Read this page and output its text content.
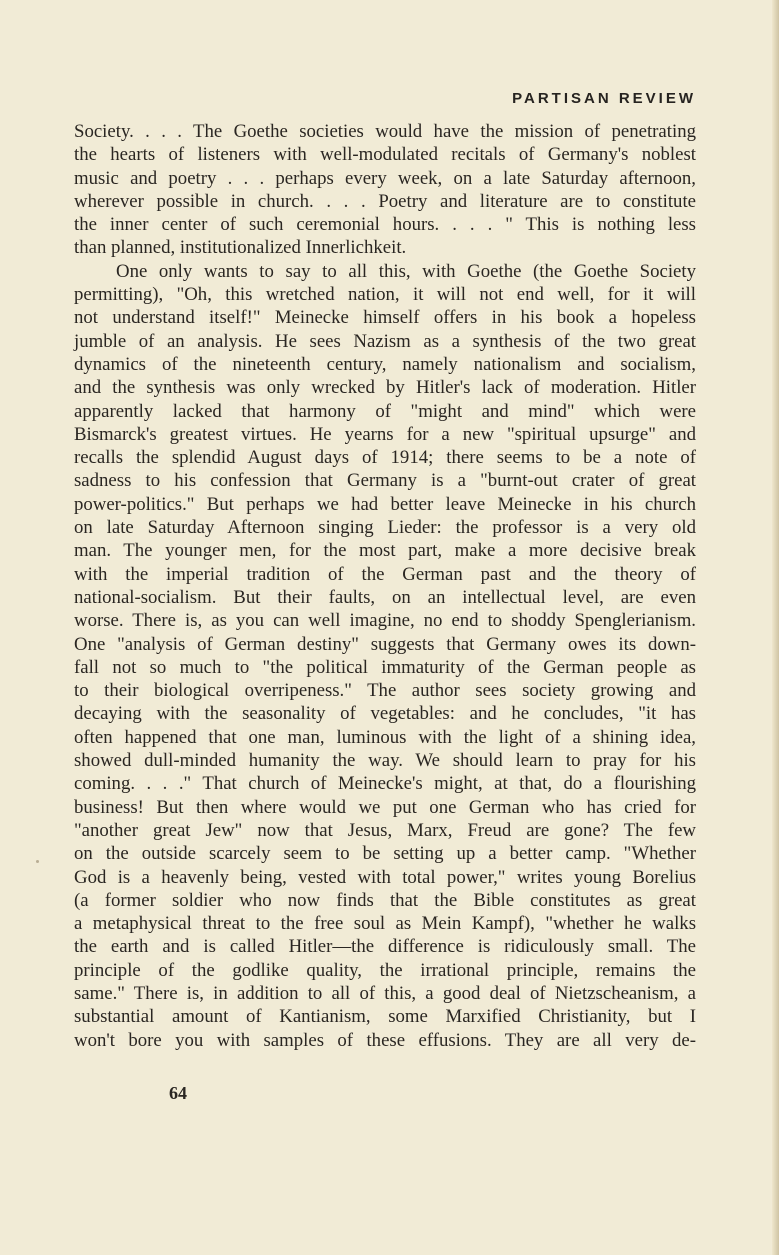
PARTISAN REVIEW
Society. . . . The Goethe societies would have the mission of penetrating
the hearts of listeners with well-modulated recitals of Germany's noblest
music and poetry . . . perhaps every week, on a late Saturday afternoon,
wherever possible in church. . . . Poetry and literature are to constitute
the inner center of such ceremonial hours. . . . " This is nothing less
than planned, institutionalized Innerlichkeit.
One only wants to say to all this, with Goethe (the Goethe Society
permitting), "Oh, this wretched nation, it will not end well, for it will
not understand itself!" Meinecke himself offers in his book a hopeless
jumble of an analysis. He sees Nazism as a synthesis of the two great
dynamics of the nineteenth century, namely nationalism and socialism,
and the synthesis was only wrecked by Hitler's lack of moderation. Hitler
apparently lacked that harmony of "might and mind" which were
Bismarck's greatest virtues. He yearns for a new "spiritual upsurge" and
recalls the splendid August days of 1914; there seems to be a note of
sadness to his confession that Germany is a "burnt-out crater of great
power-politics." But perhaps we had better leave Meinecke in his church
on late Saturday Afternoon singing Lieder: the professor is a very old
man. The younger men, for the most part, make a more decisive break
with the imperial tradition of the German past and the theory of
national-socialism. But their faults, on an intellectual level, are even
worse. There is, as you can well imagine, no end to shoddy Spenglerianism.
One "analysis of German destiny" suggests that Germany owes its down-
fall not so much to "the political immaturity of the German people as
to their biological overripeness." The author sees society growing and
decaying with the seasonality of vegetables: and he concludes, "it has
often happened that one man, luminous with the light of a shining idea,
showed dull-minded humanity the way. We should learn to pray for his
coming. . . ." That church of Meinecke's might, at that, do a flourishing
business! But then where would we put one German who has cried for
"another great Jew" now that Jesus, Marx, Freud are gone? The few
on the outside scarcely seem to be setting up a better camp. "Whether
God is a heavenly being, vested with total power," writes young Borelius
(a former soldier who now finds that the Bible constitutes as great
a metaphysical threat to the free soul as Mein Kampf), "whether he walks
the earth and is called Hitler—the difference is ridiculously small. The
principle of the godlike quality, the irrational principle, remains the
same." There is, in addition to all of this, a good deal of Nietzscheanism, a
substantial amount of Kantianism, some Marxified Christianity, but I
won't bore you with samples of these effusions. They are all very de-
64
